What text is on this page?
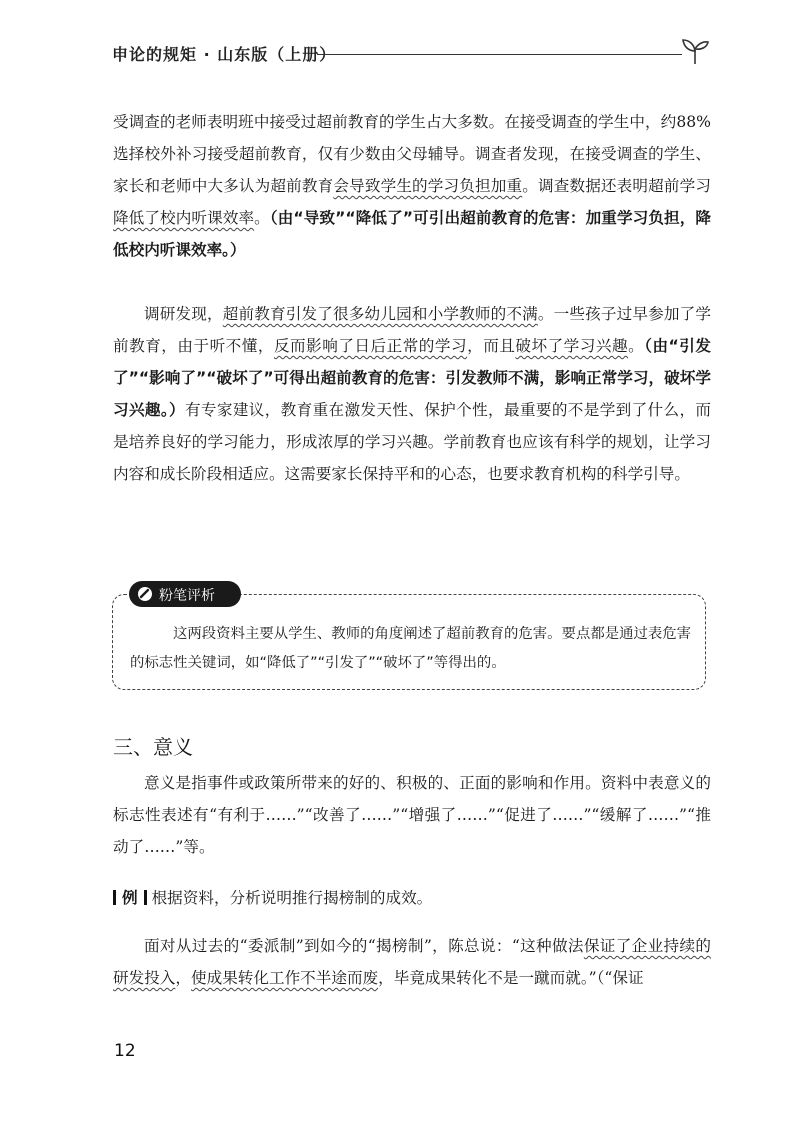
申论的规矩 · 山东版（上册）

受调查的老师表明班中接受过超前教育的学生占大多数。在接受调查的学生中，约88%选择校外补习接受超前教育，仅有少数由父母辅导。调查者发现，在接受调查的学生、家长和老师中大多认为超前教育会导致学生的学习负担加重。调查数据还表明超前学习降低了校内听课效率。（由“导致”“降低了”可引出超前教育的危害：加重学习负担，降低校内听课效率。）

调研发现，超前教育引发了很多幼儿园和小学教师的不满。一些孩子过早参加了学前教育，由于听不懂，反而影响了日后正常的学习，而且破坏了学习兴趣。（由“引发了”“影响了”“破坏了”可得出超前教育的危害：引发教师不满，影响正常学习，破坏学习兴趣。）有专家建议，教育重在激发天性、保护个性，最重要的不是学到了什么，而是培养良好的学习能力，形成浓厚的学习兴趣。学前教育也应该有科学的规划，让学习内容和成长阶段相适应。这需要家长保持平和的心态，也要求教育机构的科学引导。

粉笔评析

这两段资料主要从学生、教师的角度阐述了超前教育的危害。要点都是通过表危害的标志性关键词，如“降低了”“引发了”“破坏了”等得出的。

三、意义

意义是指事件或政策所带来的好的、积极的、正面的影响和作用。资料中表意义的标志性表述有“有利于……”“改善了……”“增强了……”“促进了……”“缓解了……”“推动了……”等。

例 根据资料，分析说明推行揭榜制的成效。

面对从过去的“委派制”到如今的“揭榜制”，陈总说：“这种做法保证了企业持续的研发投入，使成果转化工作不半途而废，毕竟成果转化不是一蹴而就。”（“保证

12
